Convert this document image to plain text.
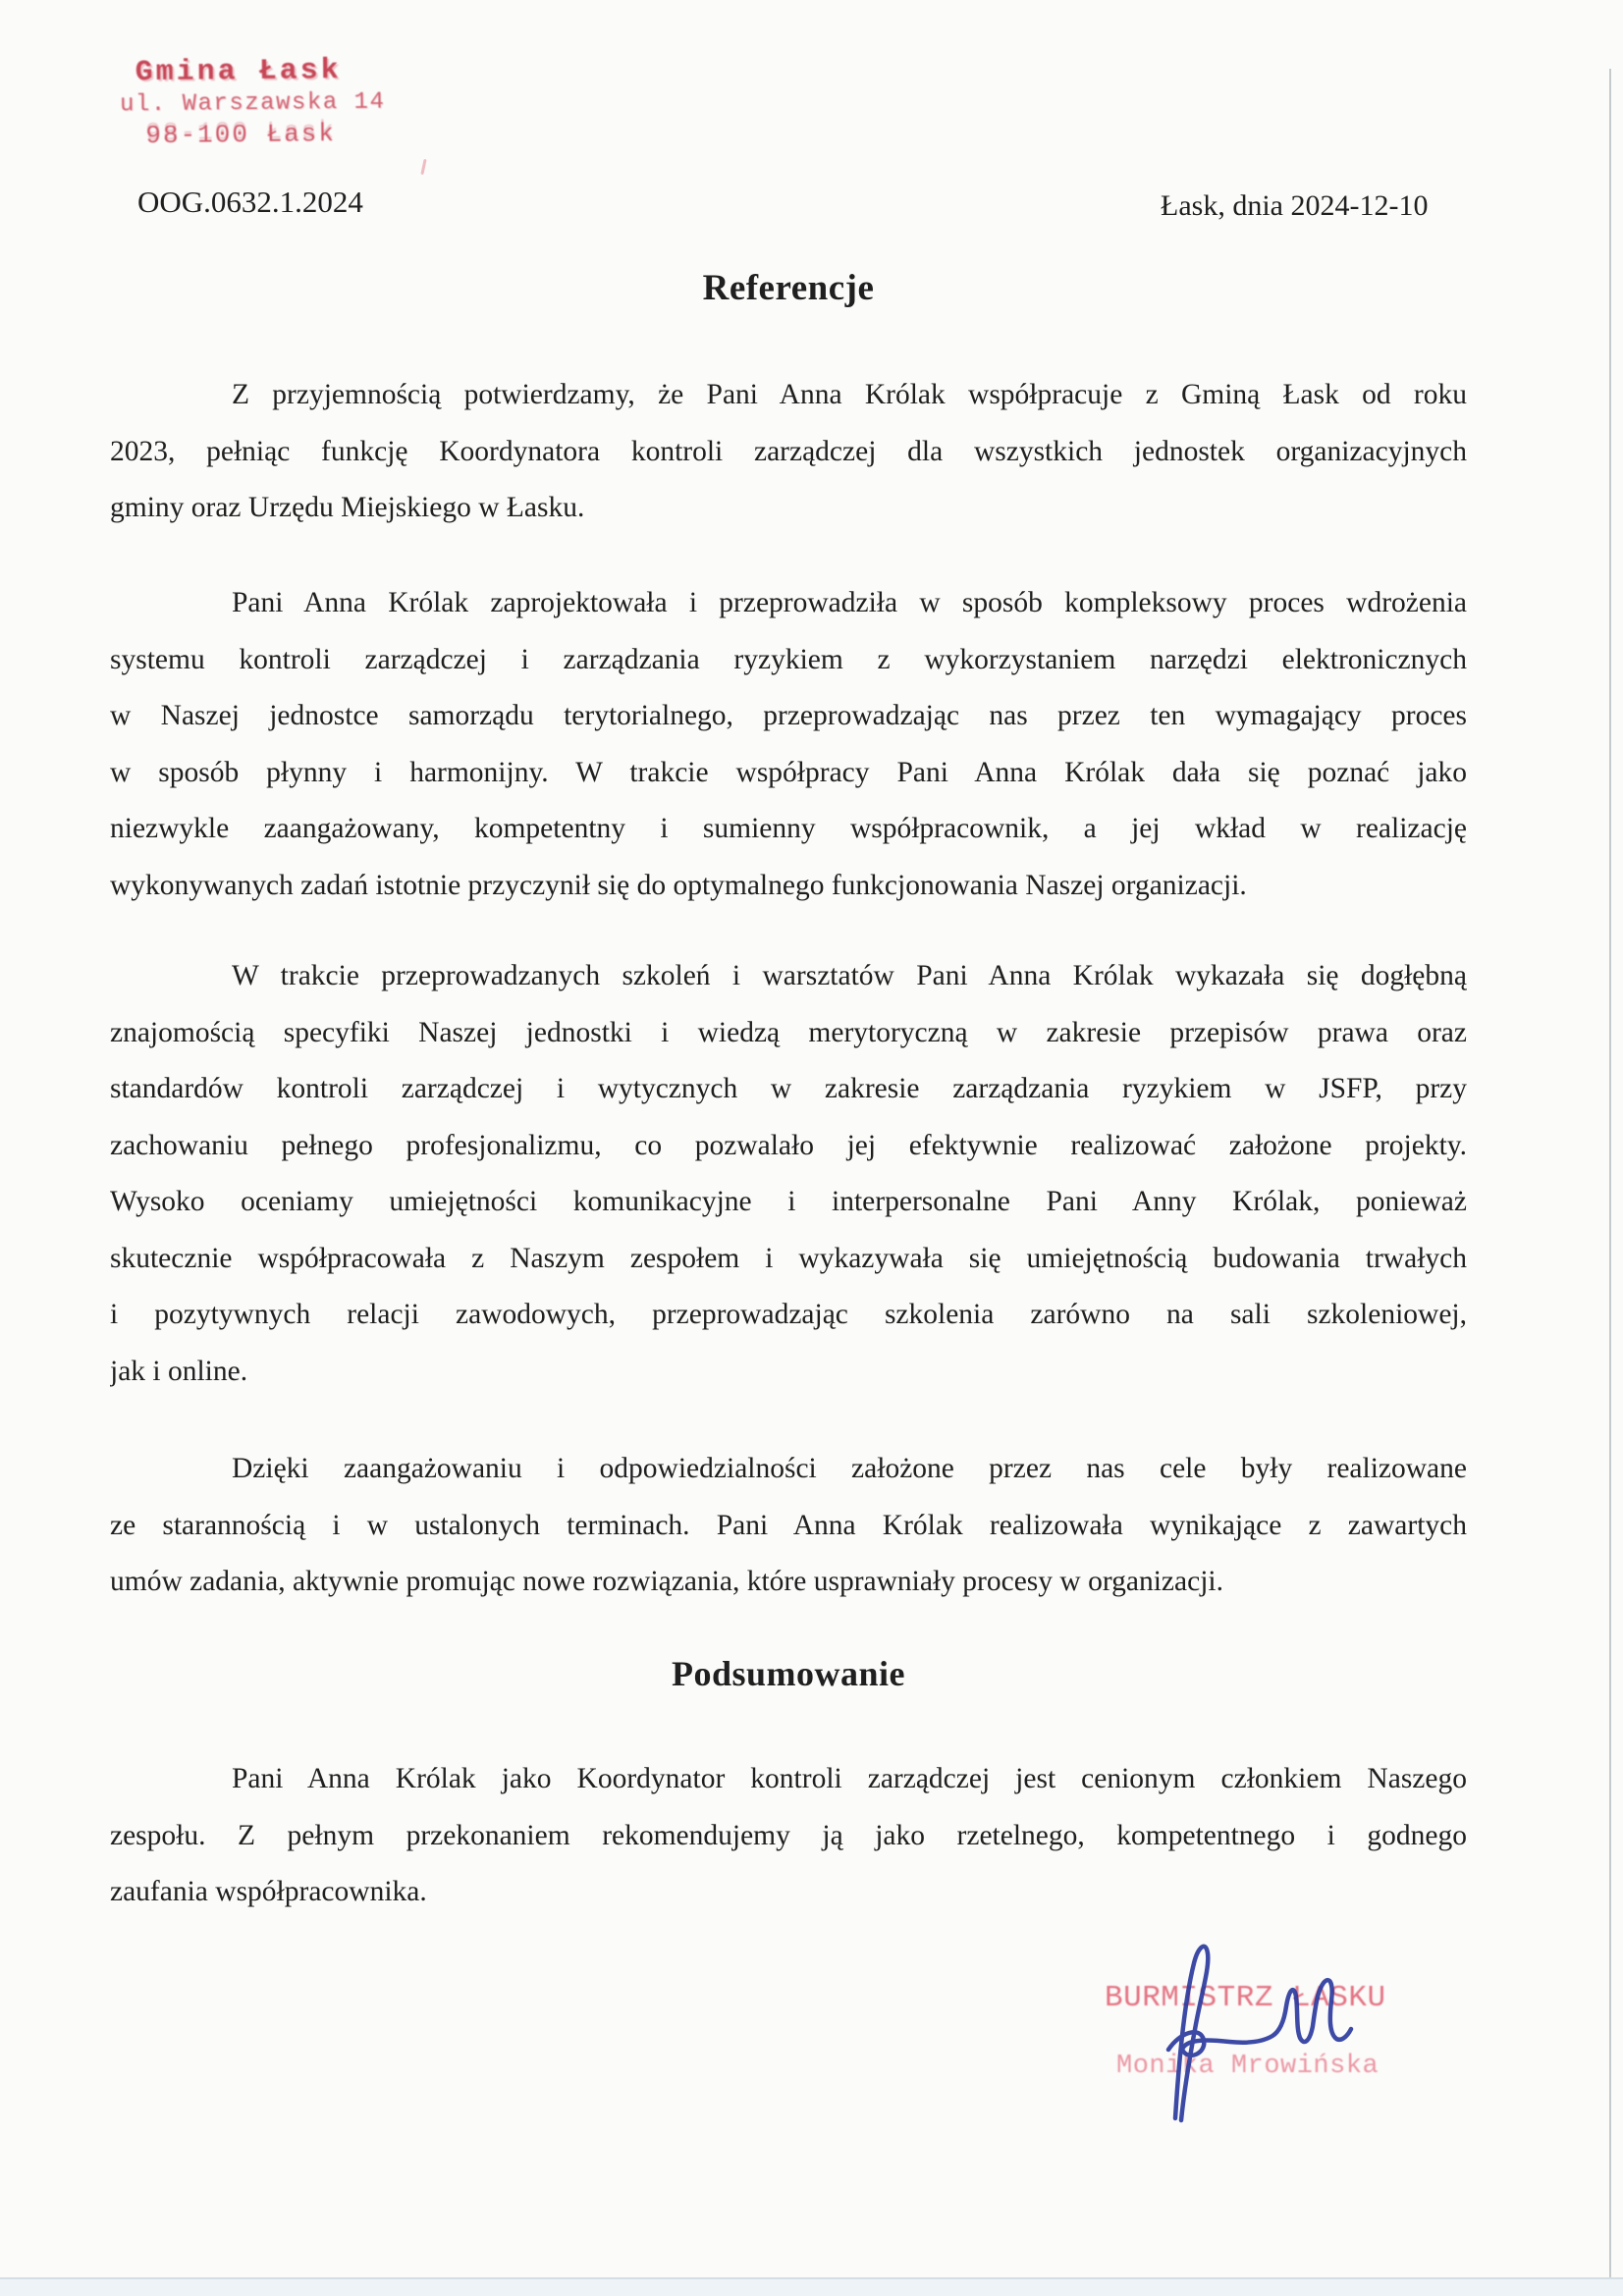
Gmina Łask
ul. Warszawska 14
98-100 Łask
OOG.0632.1.2024	Łask, dnia 2024-12-10
Referencje
Z przyjemnością potwierdzamy, że Pani Anna Królak współpracuje z Gminą Łask od roku
2023, pełniąc funkcję Koordynatora kontroli zarządczej dla wszystkich jednostek organizacyjnych
gminy oraz Urzędu Miejskiego w Łasku.
Pani Anna Królak zaprojektowała i przeprowadziła w sposób kompleksowy proces wdrożenia
systemu kontroli zarządczej i zarządzania ryzykiem z wykorzystaniem narzędzi elektronicznych
w Naszej jednostce samorządu terytorialnego, przeprowadzając nas przez ten wymagający proces
w sposób płynny i harmonijny. W trakcie współpracy Pani Anna Królak dała się poznać jako
niezwykle zaangażowany, kompetentny i sumienny współpracownik, a jej wkład w realizację
wykonywanych zadań istotnie przyczynił się do optymalnego funkcjonowania Naszej organizacji.
W trakcie przeprowadzanych szkoleń i warsztatów Pani Anna Królak wykazała się dogłębną
znajomością specyfiki Naszej jednostki i wiedzą merytoryczną w zakresie przepisów prawa oraz
standardów kontroli zarządczej i wytycznych w zakresie zarządzania ryzykiem w JSFP, przy
zachowaniu pełnego profesjonalizmu, co pozwalało jej efektywnie realizować założone projekty.
Wysoko oceniamy umiejętności komunikacyjne i interpersonalne Pani Anny Królak, ponieważ
skutecznie współpracowała z Naszym zespołem i wykazywała się umiejętnością budowania trwałych
i pozytywnych relacji zawodowych, przeprowadzając szkolenia zarówno na sali szkoleniowej,
jak i online.
Dzięki zaangażowaniu i odpowiedzialności założone przez nas cele były realizowane
ze starannością i w ustalonych terminach. Pani Anna Królak realizowała wynikające z zawartych
umów zadania, aktywnie promując nowe rozwiązania, które usprawniały procesy w organizacji.
Podsumowanie
Pani Anna Królak jako Koordynator kontroli zarządczej jest cenionym członkiem Naszego
zespołu. Z pełnym przekonaniem rekomendujemy ją jako rzetelnego, kompetentnego i godnego
zaufania współpracownika.
BURMISTRZ ŁASKU
Monika Mrowińska
